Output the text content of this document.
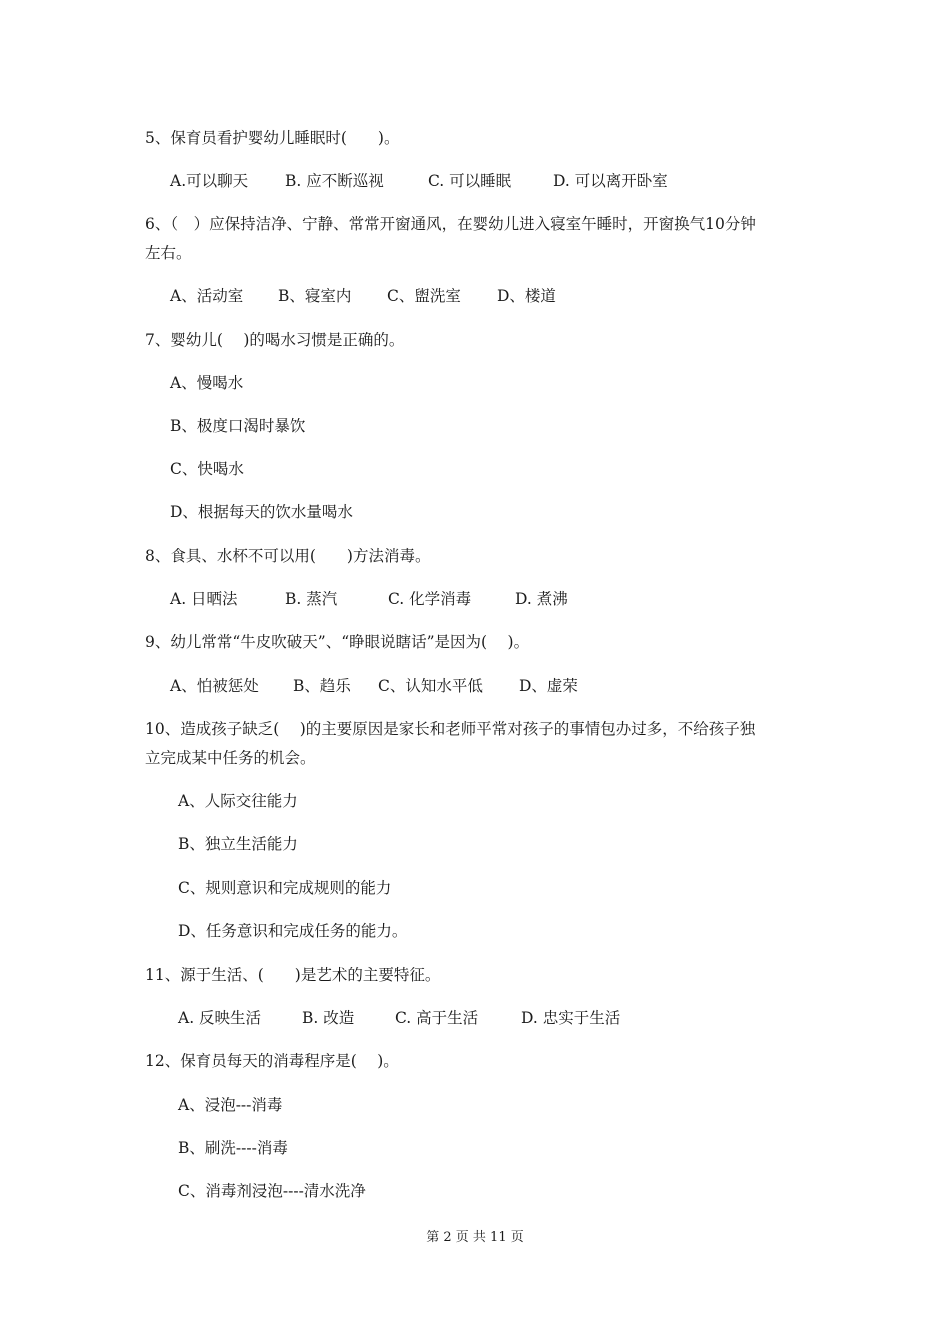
5、保育员看护婴幼儿睡眠时(　　)。
A.可以聊天 B. 应不断巡视	C. 可以睡眠	D. 可以离开卧室
6、（　）应保持洁净、宁静、常常开窗通风，在婴幼儿进入寝室午睡时，开窗换气10分钟
左右。
A、活动室 B、寝室内 C、盥洗室 D、楼道
7、婴幼儿(　 )的喝水习惯是正确的。
A、慢喝水
B、极度口渴时暴饮
C、快喝水
D、根据每天的饮水量喝水
8、食具、水杯不可以用(　　)方法消毒。
A. 日晒法	B. 蒸汽	C. 化学消毒	D. 煮沸
9、幼儿常常“牛皮吹破天”、“睁眼说瞎话”是因为(　 )。
A、怕被惩处 B、趋乐 C、认知水平低 D、虚荣
10、造成孩子缺乏(　 )的主要原因是家长和老师平常对孩子的事情包办过多，不给孩子独
立完成某中任务的机会。
A、人际交往能力
B、独立生活能力
C、规则意识和完成规则的能力
D、任务意识和完成任务的能力。
11、源于生活、(　　)是艺术的主要特征。
A. 反映生活	B. 改造	C. 高于生活	D. 忠实于生活
12、保育员每天的消毒程序是(　 )。
A、浸泡---消毒
B、刷洗----消毒
C、消毒剂浸泡----清水洗净
第 2 页 共 11 页
